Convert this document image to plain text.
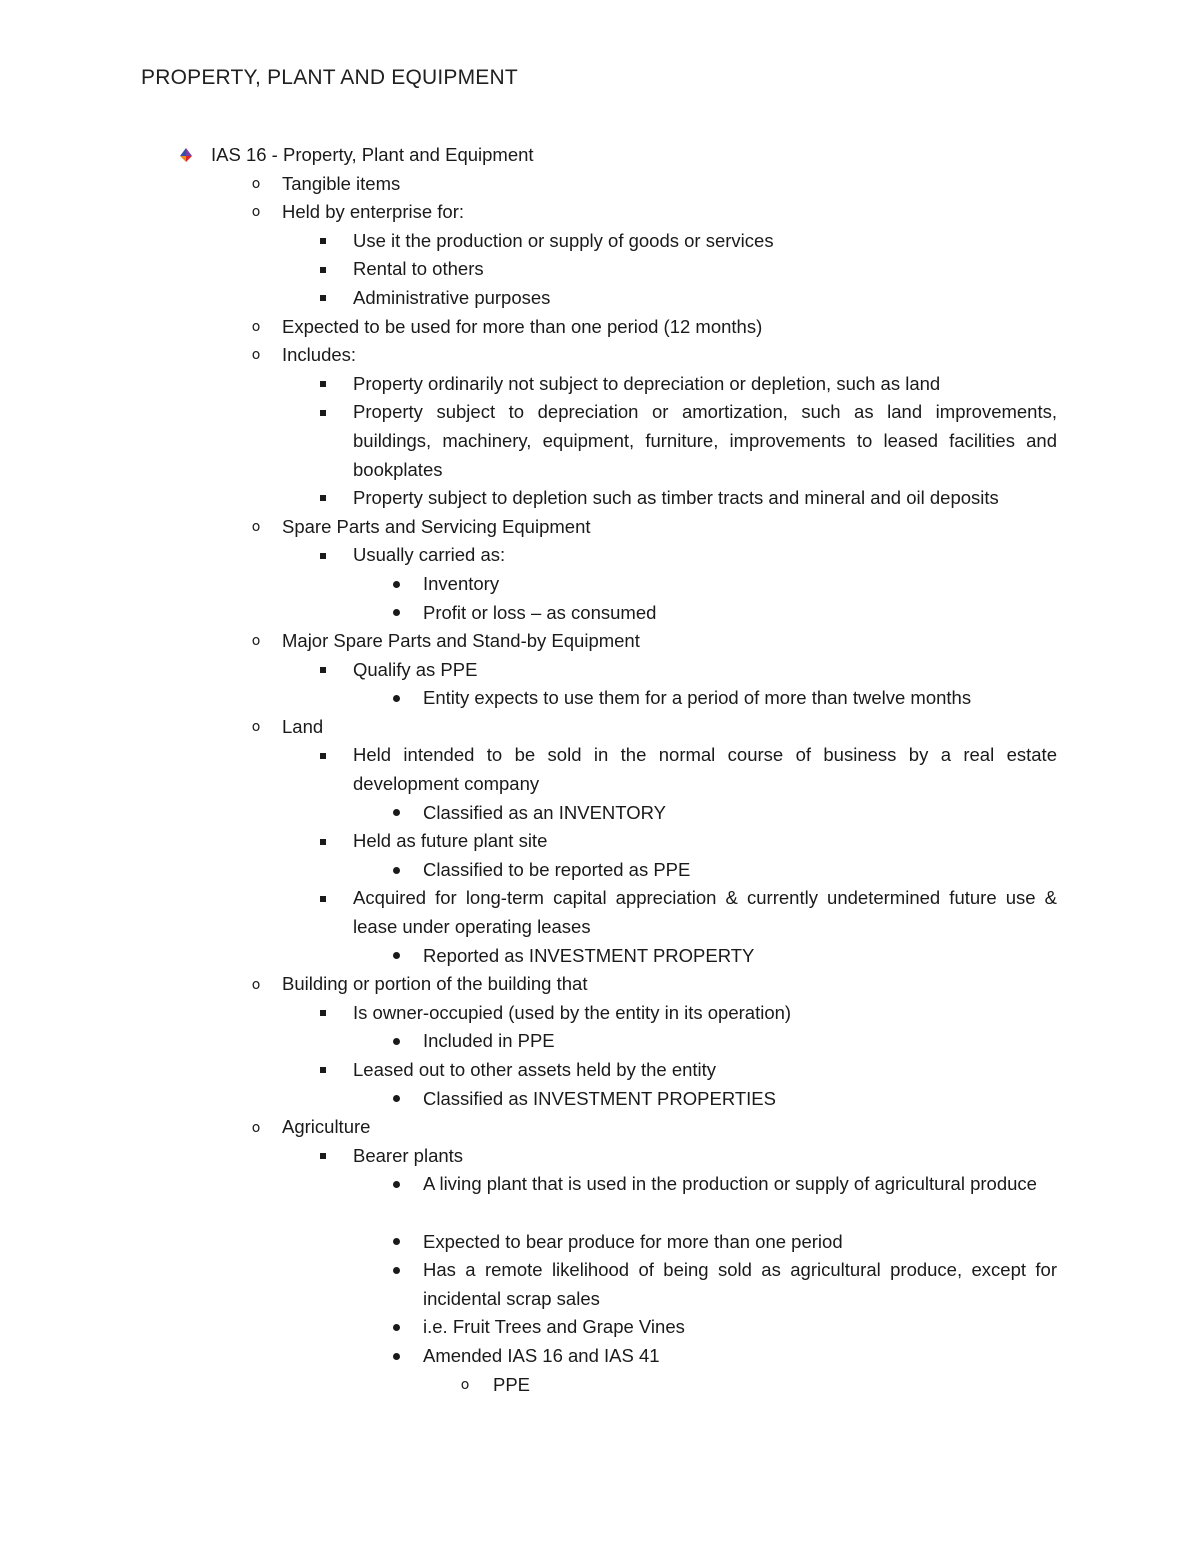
PROPERTY, PLANT AND EQUIPMENT
IAS 16 - Property, Plant and Equipment
o Tangible items
o Held by enterprise for:
Use it the production or supply of goods or services
Rental to others
Administrative purposes
o Expected to be used for more than one period (12 months)
o Includes:
Property ordinarily not subject to depreciation or depletion, such as land
Property subject to depreciation or amortization, such as land improvements, buildings, machinery, equipment, furniture, improvements to leased facilities and bookplates
Property subject to depletion such as timber tracts and mineral and oil deposits
o Spare Parts and Servicing Equipment
Usually carried as:
Inventory
Profit or loss – as consumed
o Major Spare Parts and Stand-by Equipment
Qualify as PPE
Entity expects to use them for a period of more than twelve months
o Land
Held intended to be sold in the normal course of business by a real estate development company
Classified as an INVENTORY
Held as future plant site
Classified to be reported as PPE
Acquired for long-term capital appreciation & currently undetermined future use & lease under operating leases
Reported as INVESTMENT PROPERTY
o Building or portion of the building that
Is owner-occupied (used by the entity in its operation)
Included in PPE
Leased out to other assets held by the entity
Classified as INVESTMENT PROPERTIES
o Agriculture
Bearer plants
A living plant that is used in the production or supply of agricultural produce
Expected to bear produce for more than one period
Has a remote likelihood of being sold as agricultural produce, except for incidental scrap sales
i.e. Fruit Trees and Grape Vines
Amended IAS 16 and IAS 41
o PPE
